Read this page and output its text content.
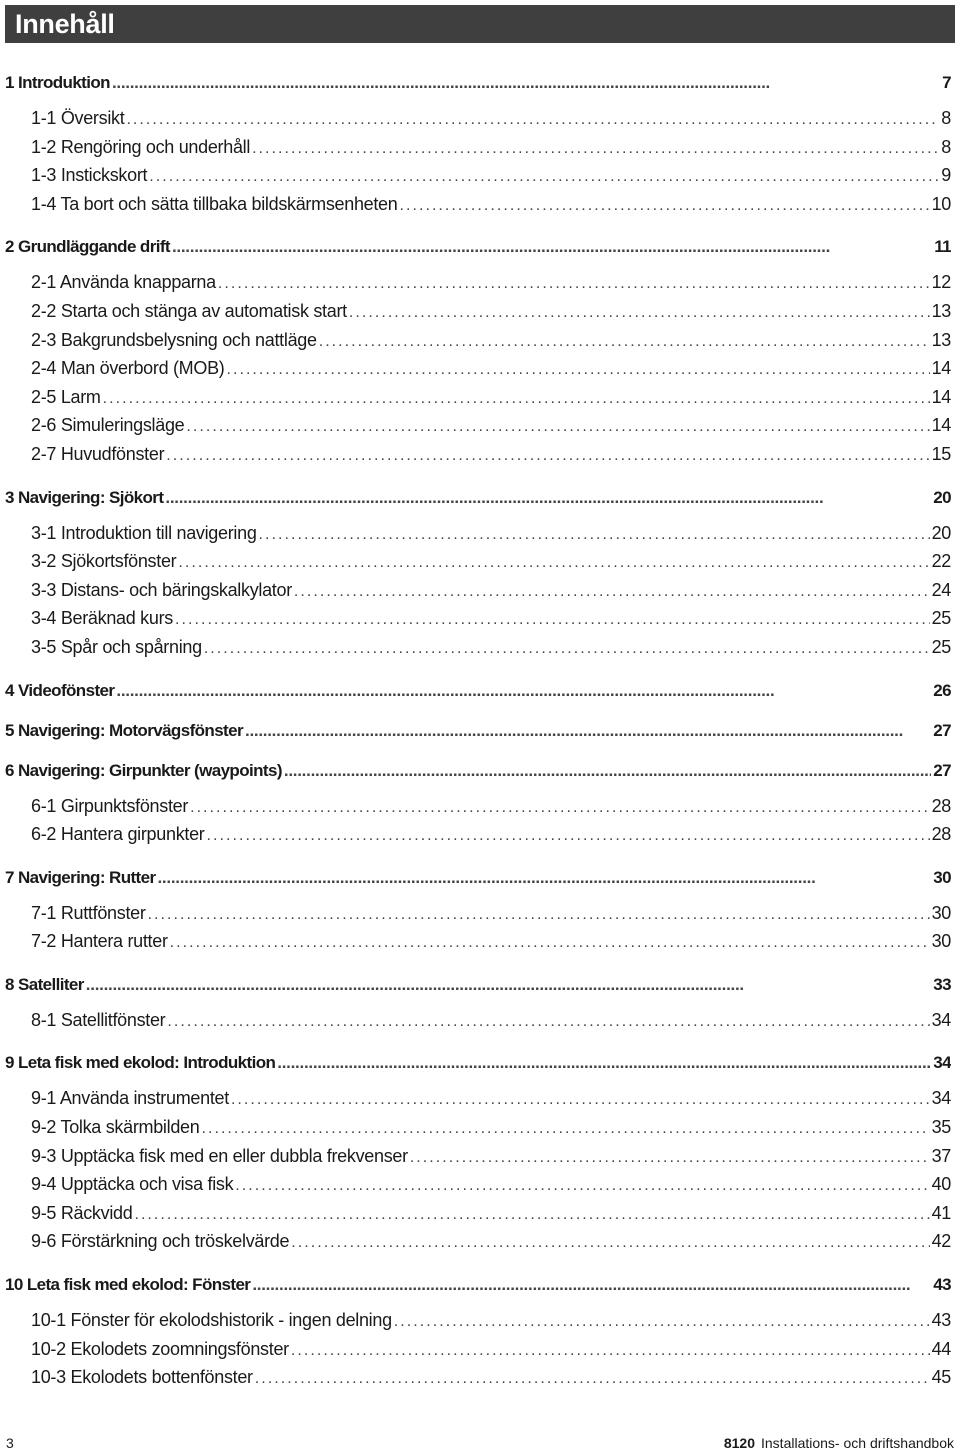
Innehåll
1 Introduktion . . .	7
1-1 Översikt . . .	8
1-2 Rengöring och underhåll . . .	8
1-3 Instickskort . . .	9
1-4 Ta bort och sätta tillbaka bildskärmsenheten . . .	10
2 Grundläggande drift . . .	11
2-1 Använda knapparna . . .	12
2-2 Starta och stänga av automatisk start . . .	13
2-3 Bakgrundsbelysning och nattläge . . .	13
2-4 Man överbord (MOB) . . .	14
2-5 Larm . . .	14
2-6 Simuleringsläge . . .	14
2-7 Huvudfönster . . .	15
3 Navigering: Sjökort . . .	20
3-1 Introduktion till navigering . . .	20
3-2 Sjökortsfönster . . .	22
3-3 Distans- och bäringskalkylator . . .	24
3-4 Beräknad kurs . . .	25
3-5 Spår och spårning . . .	25
4 Videofönster . . .	26
5 Navigering: Motorvägsfönster . . .	27
6 Navigering: Girpunkter (waypoints) . . .	27
6-1 Girpunktsfönster . . .	28
6-2 Hantera girpunkter . . .	28
7 Navigering: Rutter . . .	30
7-1 Ruttfönster . . .	30
7-2 Hantera rutter . . .	30
8 Satelliter . . .	33
8-1 Satellitfönster . . .	34
9 Leta fisk med ekolod: Introduktion . . .	34
9-1 Använda instrumentet . . .	34
9-2 Tolka skärmbilden . . .	35
9-3 Upptäcka fisk med en eller dubbla frekvenser . . .	37
9-4 Upptäcka och visa fisk . . .	40
9-5 Räckvidd . . .	41
9-6 Förstärkning och tröskelvärde . . .	42
10 Leta fisk med ekolod: Fönster . . .	43
10-1 Fönster för ekolodshistorik - ingen delning . . .	43
10-2 Ekolodets zoomningsfönster . . .	44
10-3 Ekolodets bottenfönster . . .	45
3	8120 Installations- och driftshandbok
